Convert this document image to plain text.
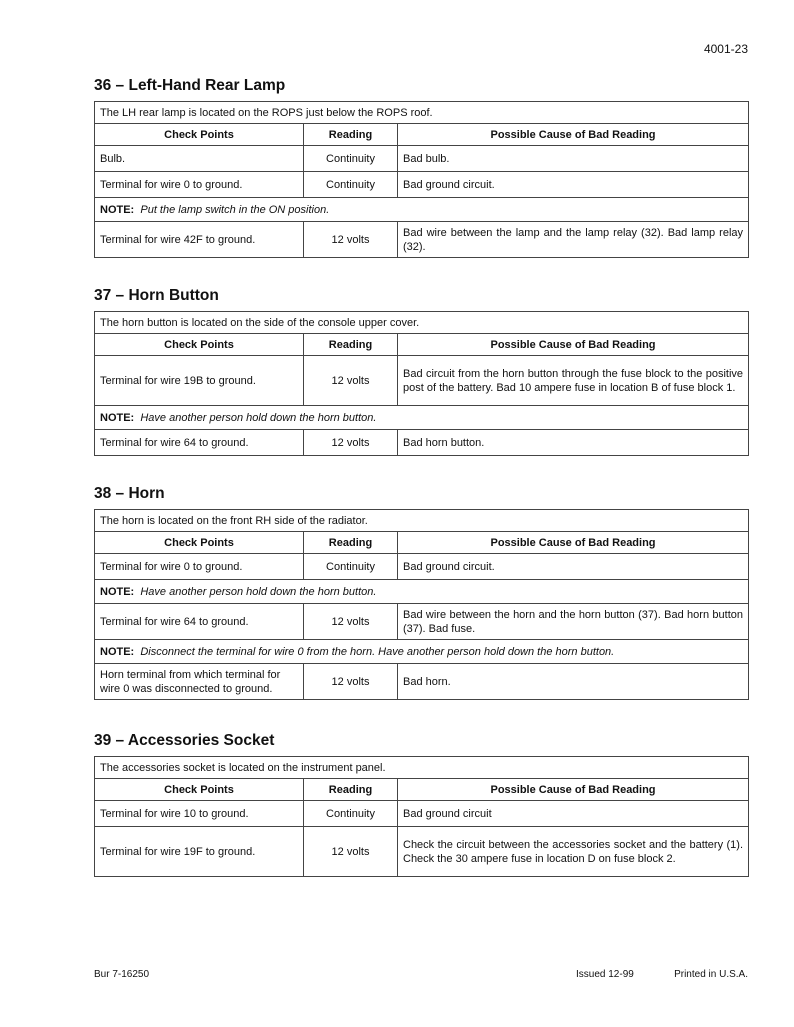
4001-23
36 – Left-Hand Rear Lamp
The LH rear lamp is located on the ROPS just below the ROPS roof.		
Check Points	Reading	Possible Cause of Bad Reading
Bulb.	Continuity	Bad bulb.
Terminal for wire 0 to ground.	Continuity	Bad ground circuit.
NOTE: Put the lamp switch in the ON position.		
Terminal for wire 42F to ground.	12 volts	Bad wire between the lamp and the lamp relay (32). Bad lamp relay (32).
37 – Horn Button
The horn button is located on the side of the console upper cover.		
Check Points	Reading	Possible Cause of Bad Reading
Terminal for wire 19B to ground.	12 volts	Bad circuit from the horn button through the fuse block to the positive post of the battery. Bad 10 ampere fuse in location B of fuse block 1.
NOTE: Have another person hold down the horn button.		
Terminal for wire 64 to ground.	12 volts	Bad horn button.
38 – Horn
The horn is located on the front RH side of the radiator.		
Check Points	Reading	Possible Cause of Bad Reading
Terminal for wire 0 to ground.	Continuity	Bad ground circuit.
NOTE: Have another person hold down the horn button.		
Terminal for wire 64 to ground.	12 volts	Bad wire between the horn and the horn button (37). Bad horn button (37). Bad fuse.
NOTE: Disconnect the terminal for wire 0 from the horn. Have another person hold down the horn button.		
Horn terminal from which terminal for wire 0 was disconnected to ground.	12 volts	Bad horn.
39 – Accessories Socket
The accessories socket is located on the instrument panel.		
Check Points	Reading	Possible Cause of Bad Reading
Terminal for wire 10 to ground.	Continuity	Bad ground circuit
Terminal for wire 19F to ground.	12 volts	Check the circuit between the accessories socket and the battery (1). Check the 30 ampere fuse in location D on fuse block 2.
Bur 7-16250	Issued 12-99	Printed in U.S.A.
